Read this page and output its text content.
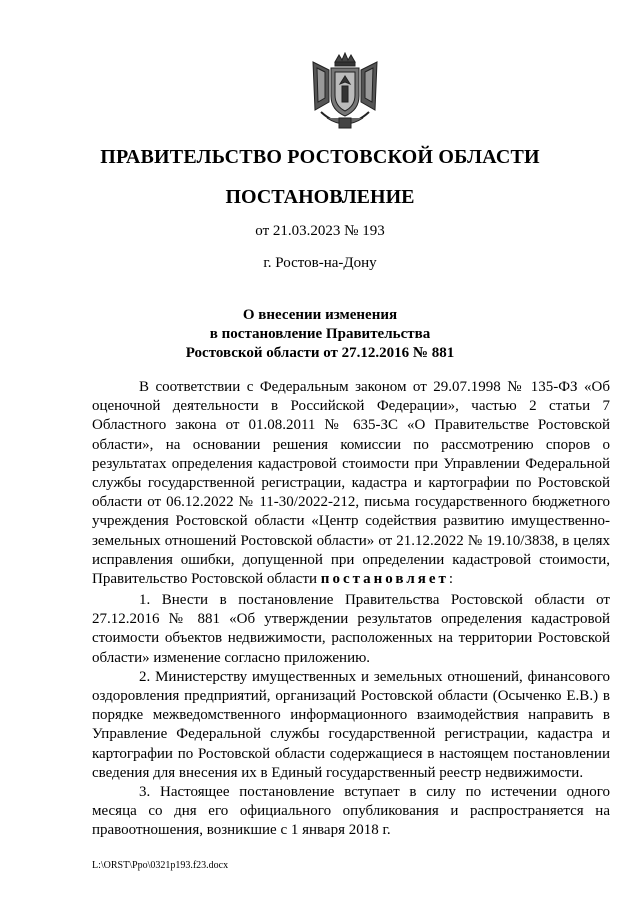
ПРАВИТЕЛЬСТВО РОСТОВСКОЙ ОБЛАСТИ
ПОСТАНОВЛЕНИЕ
от 21.03.2023 № 193
г. Ростов-на-Дону
О внесении изменения
в постановление Правительства
Ростовской области от 27.12.2016 № 881

В соответствии с Федеральным законом от 29.07.1998 № 135-ФЗ «Об оценочной деятельности в Российской Федерации», частью 2 статьи 7 Областного закона от 01.08.2011 № 635-ЗС «О Правительстве Ростовской области», на основании решения комиссии по рассмотрению споров о результатах определения кадастровой стоимости при Управлении Федеральной службы государственной регистрации, кадастра и картографии по Ростовской области от 06.12.2022 № 11-30/2022-212, письма государственного бюджетного учреждения Ростовской области «Центр содействия развитию имущественно-земельных отношений Ростовской области» от 21.12.2022 № 19.10/3838, в целях исправления ошибки, допущенной при определении кадастровой стоимости, Правительство Ростовской области постановляет:

1. Внести в постановление Правительства Ростовской области от 27.12.2016 № 881 «Об утверждении результатов определения кадастровой стоимости объектов недвижимости, расположенных на территории Ростовской области» изменение согласно приложению.

2. Министерству имущественных и земельных отношений, финансового оздоровления предприятий, организаций Ростовской области (Осыченко Е.В.) в порядке межведомственного информационного взаимодействия направить в Управление Федеральной службы государственной регистрации, кадастра и картографии по Ростовской области содержащиеся в настоящем постановлении сведения для внесения их в Единый государственный реестр недвижимости.

3. Настоящее постановление вступает в силу по истечении одного месяца со дня его официального опубликования и распространяется на правоотношения, возникшие с 1 января 2018 г.

L:\ORST\Ppo\0321p193.f23.docx
